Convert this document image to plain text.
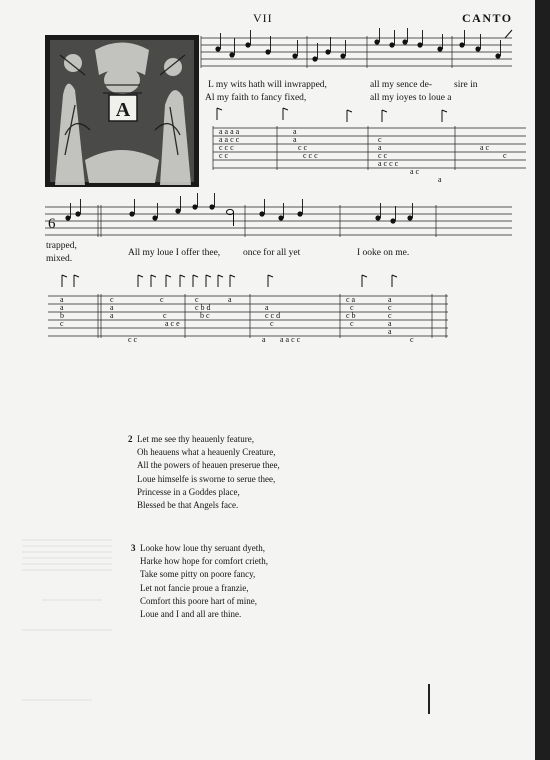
VII	CANTO
A
a a a a
a a c c
c c c
c c
a
a
c c
c c c
c
a
c c
a c c c
a c
a
a c
c
6
a
a
b
c
c
a
a
c c
c
c
a c e
c
c b d
b c
a
a
c c d
c
a a a c c
c a
c
c b
c
a
c
c
a
a
c
L my wits hath will inwrapped,	all my sence de- sire in
Al my faith to fancy fixed,	all my ioyes to loue a
trapped,
mixed.
All my loue I offer thee, once for all yet	I ooke on me.
2 Let me see thy heauenly feature,
Oh heauens what a heauenly Creature,
All the powers of heauen preserue thee,
Loue himselfe is sworne to serue thee,
Princesse in a Goddes place,
Blessed be that Angels face.
3 Looke how loue thy seruant dyeth,
Harke how hope for comfort crieth,
Take some pitty on poore fancy,
Let not fancie proue a franzie,
Comfort this poore hart of mine,
Loue and I and all are thine.
